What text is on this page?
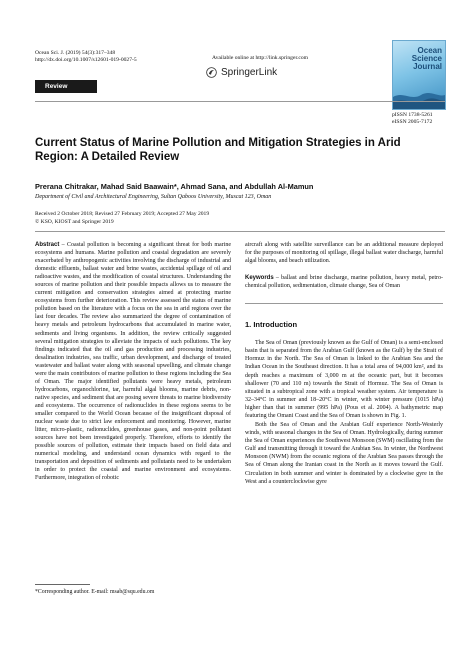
Ocean Sci. J. (2019) 54(3):317–348
http://dx.doi.org/10.1007/s12601-019-0027-5	Available online at http://link.springer.com
SpringerLink
Review
Ocean
Science
Journal
pISSN 1738-5261
eISSN 2005-7172
Current Status of Marine Pollution and Mitigation Strategies in Arid Region: A Detailed Review
Prerana Chitrakar, Mahad Said Baawain*, Ahmad Sana, and Abdullah Al-Mamun
Department of Civil and Architectural Engineering, Sultan Qaboos University, Muscat 123, Oman
Received 2 October 2018; Revised 27 February 2019; Accepted 27 May 2019
© KSO, KIOST and Springer 2019
Abstract – Coastal pollution is becoming a significant threat for both marine ecosystems and humans. Marine pollution and coastal degradation are severely exacerbated by anthropogenic activities involving the discharge of industrial and domestic effluents, ballast water and brine wastes, accidental spillage of oil and radioactive wastes, and the modification of coastal structures. Understanding the sources of marine pollution and their possible impacts allows us to measure the current mitigation and conservation strategies aimed at protecting marine ecosystems from further deterioration. This review assessed the status of marine pollution based on the literature with a focus on the sea in arid regions over the last four decades. The review also summarized the degree of contamination of heavy metals and petroleum hydrocarbons that accumulated in marine water, sediments and living organisms. In addition, the review critically suggested several mitigation strategies to alleviate the impacts of such pollutions. The key findings indicated that the oil and gas production and processing industries, desalination industries, sea traffic, urban development, and discharge of treated wastewater and ballast water along with seasonal upwelling, and climate change were the main contributors of marine pollution to these regions including the Sea of Oman. The major identified pollutants were heavy metals, petroleum hydrocarbons, organochlorine, tar, harmful algal blooms, marine debris, non-native species, and sediment that are posing severe threats to marine biodiversity and ecosystems. The occurrence of radionuclides in these regions seems to be smaller compared to the World Ocean because of the insignificant disposal of nuclear waste due to strict law enforcement and monitoring. However, marine litter, micro-plastic, radionuclides, greenhouse gases, and non-point pollutant sources have not been investigated properly. Therefore, efforts to identify the possible sources of pollution, estimate their impacts based on field data and numerical modeling, and understand ocean dynamics with regard to the transportation and deposition of sediments and pollutants need to be undertaken in order to protect the coastal and marine environment and ecosystems. Furthermore, integration of robotic
aircraft along with satellite surveillance can be an additional measure deployed for the purposes of monitoring oil spillage, illegal ballast water discharge, harmful algal blooms, and beach utilization.
Keywords – ballast and brine discharge, marine pollution, heavy metal, petro-chemical pollution, sedimentation, climate change, Sea of Oman
1. Introduction
The Sea of Oman (previously known as the Gulf of Oman) is a semi-enclosed basin that is separated from the Arabian Gulf (known as the Gulf) by the Strait of Hormuz in the North. The Sea of Oman is linked to the Arabian Sea and the Indian Ocean in the Southeast direction. It has a total area of 94,000 km², and its depth reaches a maximum of 3,000 m at the oceanic part, but it becomes shallower (70 and 110 m) towards the Strait of Hormuz. The Sea of Oman is situated in a subtropical zone with a tropical weather system. Air temperature is 32–34°C in summer and 18–20°C in winter, with winter pressure (1015 hPa) higher than that in summer (995 hPa) (Pous et al. 2004). A bathymetric map featuring the Omani Coast and the Sea of Oman is shown in Fig. 1.
Both the Sea of Oman and the Arabian Gulf experience North-Westerly winds, with seasonal changes in the Sea of Oman. Hydrologically, during summer the Sea of Oman experiences the Southwest Monsoon (SWM) oscillating from the Gulf and transmitting through it toward the Arabian Sea. In winter, the Northwest Monsoon (NWM) from the oceanic regions of the Arabian Sea passes through the Sea of Oman along the Iranian coast in the North as it moves toward the Gulf. Circulation in both summer and winter is dominated by a clockwise gyre in the West and a counterclockwise gyre
*Corresponding author. E-mail: msab@squ.edu.om
